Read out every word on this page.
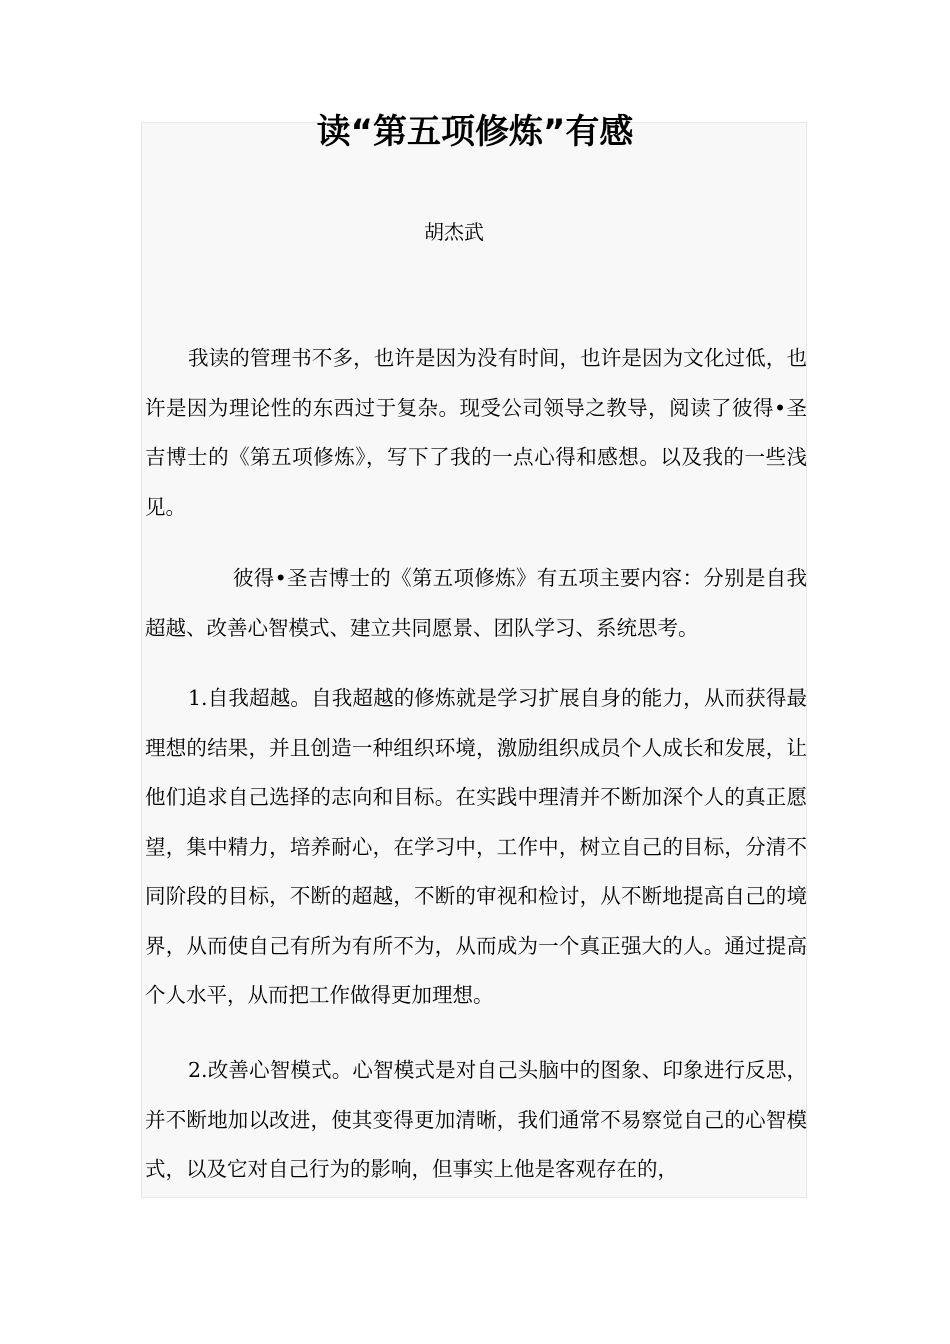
读“第五项修炼”有感
胡杰武

我读的管理书不多，也许是因为没有时间，也许是因为文化过低，也许是因为理论性的东西过于复杂。现受公司领导之教导，阅读了彼得•圣吉博士的《第五项修炼》，写下了我的一点心得和感想。以及我的一些浅见。

彼得•圣吉博士的《第五项修炼》有五项主要内容：分别是自我超越、改善心智模式、建立共同愿景、团队学习、系统思考。

1.自我超越。自我超越的修炼就是学习扩展自身的能力，从而获得最理想的结果，并且创造一种组织环境，激励组织成员个人成长和发展，让他们追求自己选择的志向和目标。在实践中理清并不断加深个人的真正愿望，集中精力，培养耐心，在学习中，工作中，树立自己的目标，分清不同阶段的目标，不断的超越，不断的审视和检讨，从不断地提高自己的境界，从而使自己有所为有所不为，从而成为一个真正强大的人。通过提高个人水平，从而把工作做得更加理想。

2.改善心智模式。心智模式是对自己头脑中的图象、印象进行反思，并不断地加以改进，使其变得更加清晰，我们通常不易察觉自己的心智模式，以及它对自己行为的影响，但事实上他是客观存在的，
